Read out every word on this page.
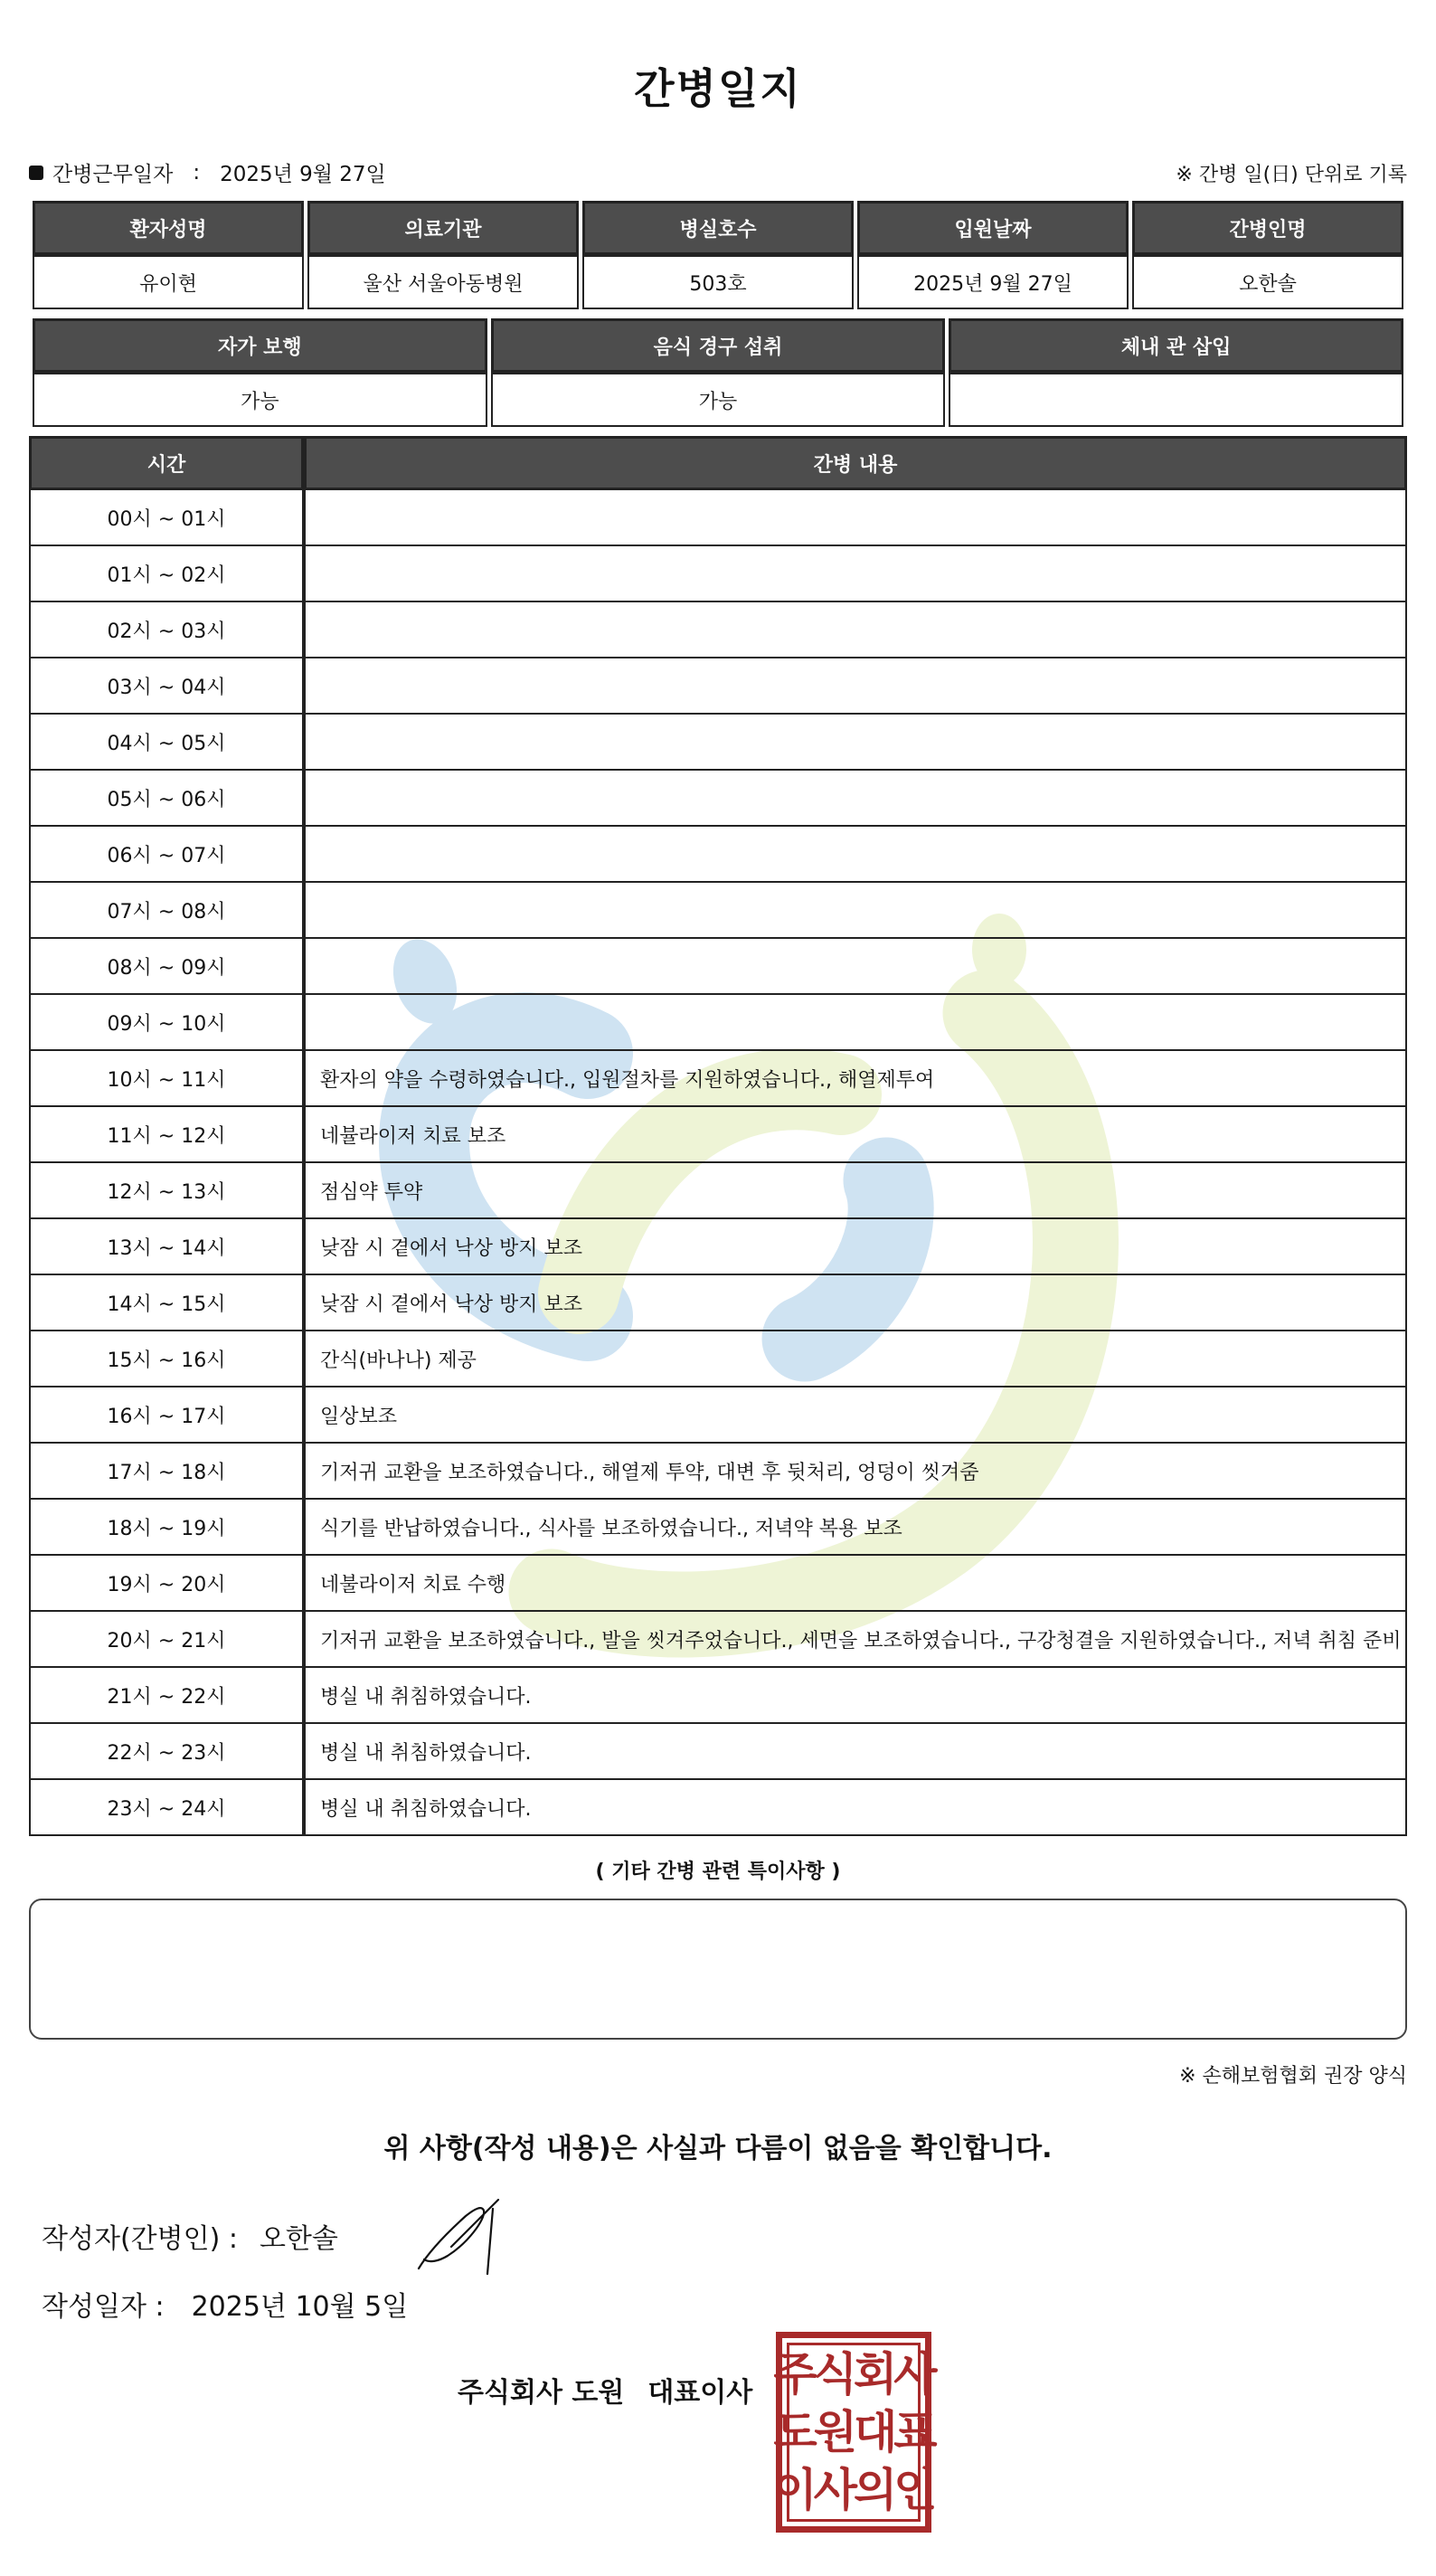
간병일지
간병근무일자 : 2025년 9월 27일	※ 간병 일(日) 단위로 기록
환자성명	의료기관	병실호수	입원날짜	간병인명
유이현	울산 서울아동병원	503호	2025년 9월 27일	오한솔
자가 보행	음식 경구 섭취	체내 관 삽입
가능	가능	
시간	간병 내용
00시 ~ 01시	
01시 ~ 02시	
02시 ~ 03시	
03시 ~ 04시	
04시 ~ 05시	
05시 ~ 06시	
06시 ~ 07시	
07시 ~ 08시	
08시 ~ 09시	
09시 ~ 10시	
10시 ~ 11시	환자의 약을 수령하였습니다., 입원절차를 지원하였습니다., 해열제투여
11시 ~ 12시	네뷸라이저 치료 보조
12시 ~ 13시	점심약 투약
13시 ~ 14시	낮잠 시 곁에서 낙상 방지 보조
14시 ~ 15시	낮잠 시 곁에서 낙상 방지 보조
15시 ~ 16시	간식(바나나) 제공
16시 ~ 17시	일상보조
17시 ~ 18시	기저귀 교환을 보조하였습니다., 해열제 투약, 대변 후 뒷처리, 엉덩이 씻겨줌
18시 ~ 19시	식기를 반납하였습니다., 식사를 보조하였습니다., 저녁약 복용 보조
19시 ~ 20시	네불라이저 치료 수행
20시 ~ 21시	기저귀 교환을 보조하였습니다., 발을 씻겨주었습니다., 세면을 보조하였습니다., 구강청결을 지원하였습니다., 저녁 취침 준비
21시 ~ 22시	병실 내 취침하였습니다.
22시 ~ 23시	병실 내 취침하였습니다.
23시 ~ 24시	병실 내 취침하였습니다.
( 기타 간병 관련 특이사항 )
※ 손해보험협회 권장 양식
위 사항(작성 내용)은 사실과 다름이 없음을 확인합니다.
작성자(간병인) : 오한솔
작성일자 : 2025년 10월 5일
주식회사 도원 대표이사 주식회사
도원대표
이사의인
